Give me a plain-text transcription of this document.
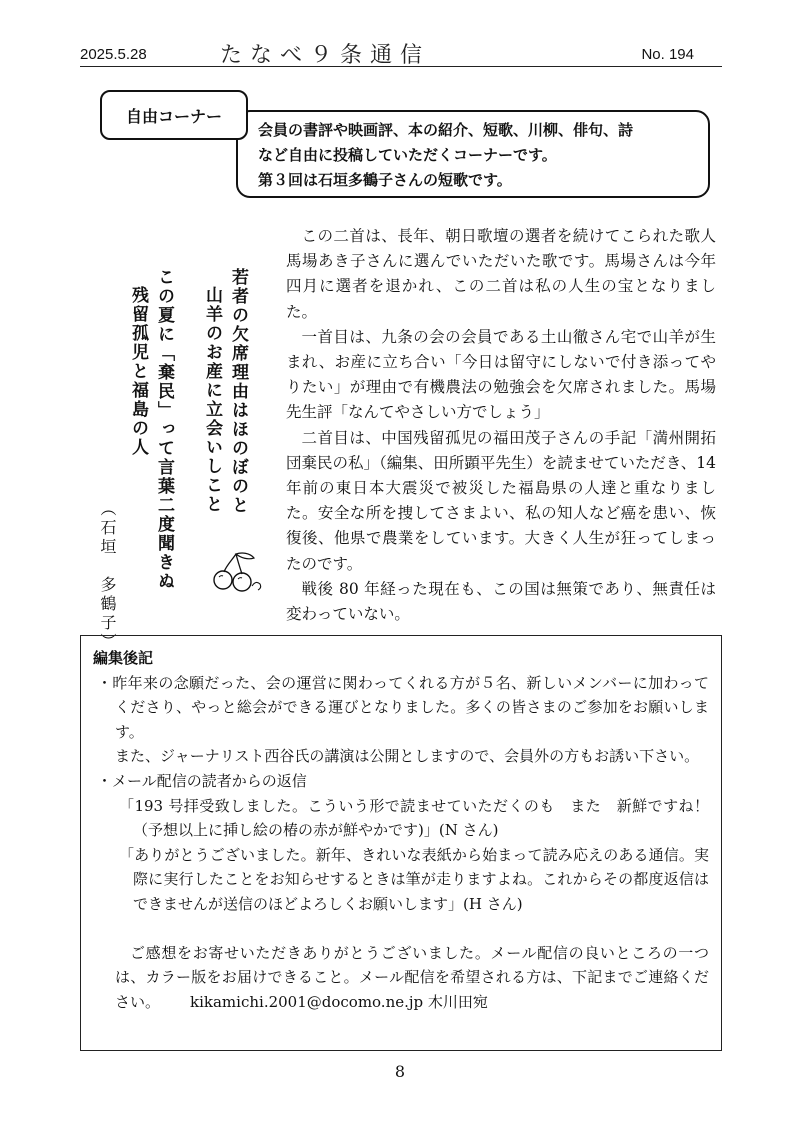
2025.5.28	たなべ９条通信	No. 194
自由コーナー
会員の書評や映画評、本の紹介、短歌、川柳、俳句、詩
など自由に投稿していただくコーナーです。
第３回は石垣多鶴子さんの短歌です。
若者の欠席理由はほのぼのと
山羊のお産に立会いしこと
この夏に「棄民」って言葉二度聞きぬ
残留孤児と福島の人
（石垣　多鶴子）

この二首は、長年、朝日歌壇の選者を続けてこられた歌人馬場あき子さんに選んでいただいた歌です。馬場さんは今年四月に選者を退かれ、この二首は私の人生の宝となりました。

一首目は、九条の会の会員である土山徹さん宅で山羊が生まれ、お産に立ち合い「今日は留守にしないで付き添ってやりたい」が理由で有機農法の勉強会を欠席されました。馬場先生評「なんてやさしい方でしょう」

二首目は、中国残留孤児の福田茂子さんの手記「満州開拓団棄民の私」（編集、田所顕平先生）を読ませていただき、14年前の東日本大震災で被災した福島県の人達と重なりました。安全な所を捜してさまよい、私の知人など癌を患い、恢復後、他県で農業をしています。大きく人生が狂ってしまったのです。

戦後 80 年経った現在も、この国は無策であり、無責任は変わっていない。

編集後記
・昨年来の念願だった、会の運営に関わってくれる方が５名、新しいメンバーに加わってくださり、やっと総会ができる運びとなりました。多くの皆さまのご参加をお願いします。
また、ジャーナリスト西谷氏の講演は公開としますので、会員外の方もお誘い下さい。
・メール配信の読者からの返信
「193 号拝受致しました。こういう形で読ませていただくのも　また　新鮮ですね！（予想以上に挿し絵の椿の赤が鮮やかです)」(N さん)
「ありがとうございました。新年、きれいな表紙から始まって読み応えのある通信。実際に実行したことをお知らせするときは筆が走りますよね。これからその都度返信はできませんが送信のほどよろしくお願いします」(H さん)
ご感想をお寄せいただきありがとうございました。メール配信の良いところの一つは、カラー版をお届けできること。メール配信を希望される方は、下記までご連絡ください。 kikamichi.2001@docomo.ne.jp 木川田宛
8
